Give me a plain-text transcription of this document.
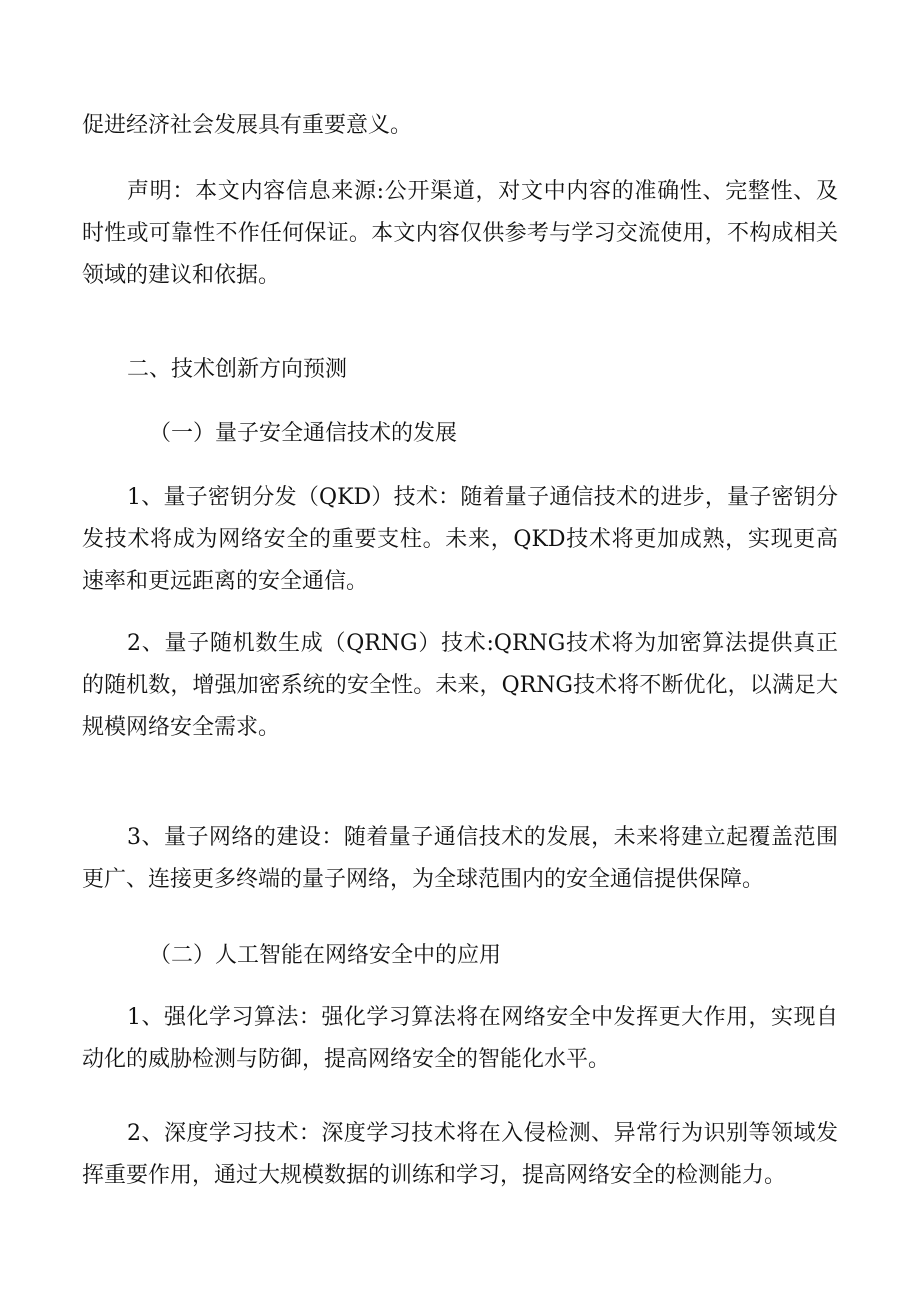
促进经济社会发展具有重要意义。

声明：本文内容信息来源:公开渠道，对文中内容的准确性、完整性、及时性或可靠性不作任何保证。本文内容仅供参考与学习交流使用，不构成相关领域的建议和依据。

二、技术创新方向预测

（一）量子安全通信技术的发展

1、量子密钥分发（QKD）技术：随着量子通信技术的进步，量子密钥分发技术将成为网络安全的重要支柱。未来，QKD技术将更加成熟，实现更高速率和更远距离的安全通信。

2、量子随机数生成（QRNG）技术:QRNG技术将为加密算法提供真正的随机数，增强加密系统的安全性。未来，QRNG技术将不断优化，以满足大规模网络安全需求。

3、量子网络的建设：随着量子通信技术的发展，未来将建立起覆盖范围更广、连接更多终端的量子网络，为全球范围内的安全通信提供保障。

（二）人工智能在网络安全中的应用

1、强化学习算法：强化学习算法将在网络安全中发挥更大作用，实现自动化的威胁检测与防御，提高网络安全的智能化水平。

2、深度学习技术：深度学习技术将在入侵检测、异常行为识别等领域发挥重要作用，通过大规模数据的训练和学习，提高网络安全的检测能力。
